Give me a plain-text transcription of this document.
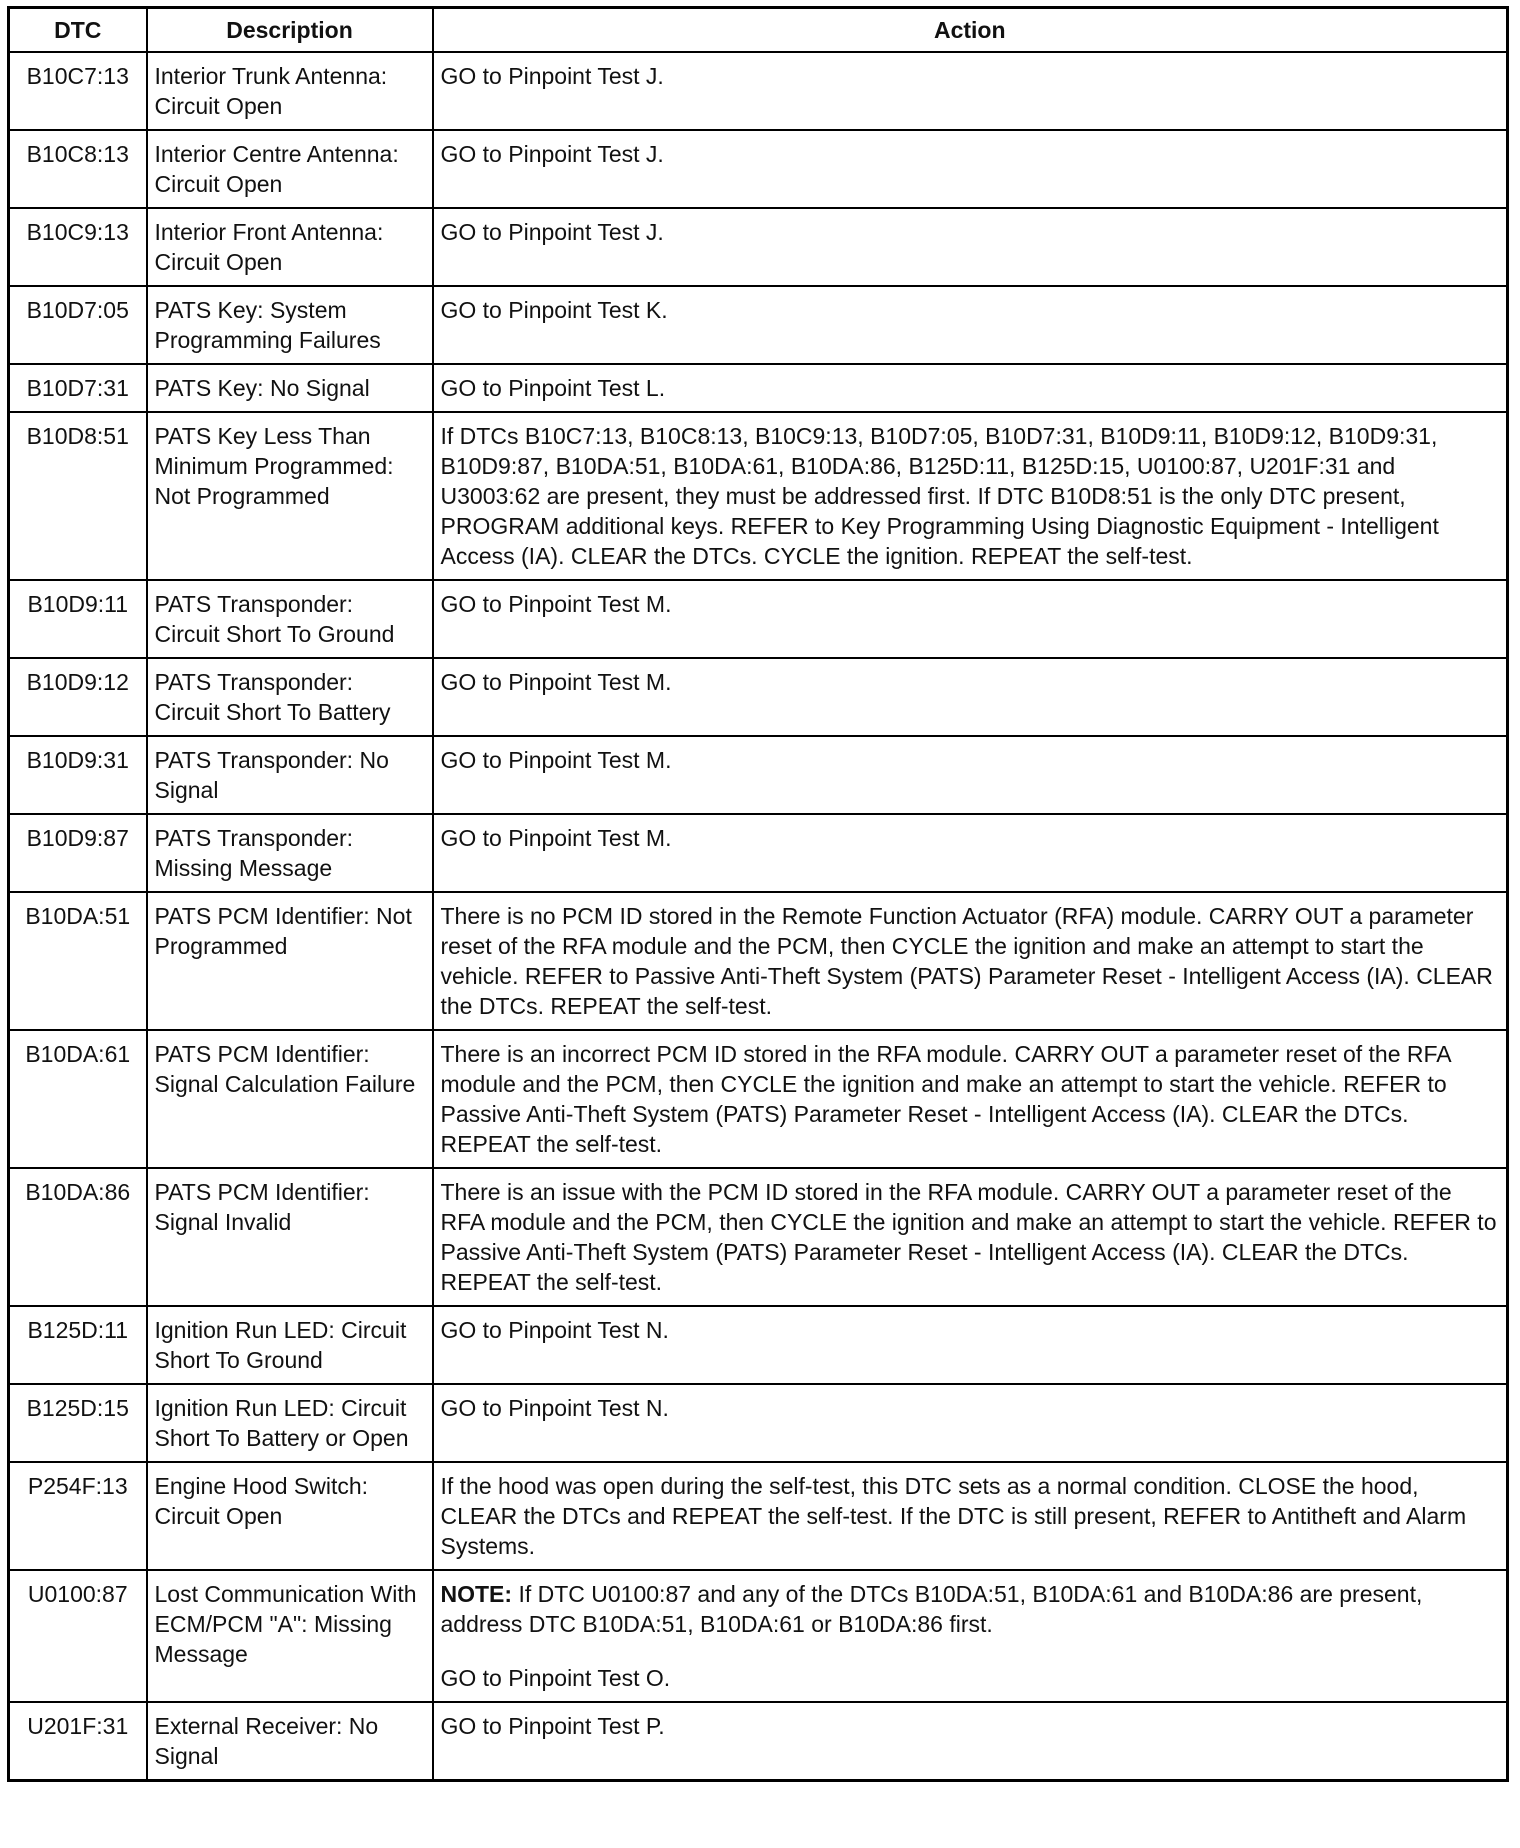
DTC	Description	Action
B10C7:13	Interior Trunk Antenna: Circuit Open	GO to Pinpoint Test J.
B10C8:13	Interior Centre Antenna: Circuit Open	GO to Pinpoint Test J.
B10C9:13	Interior Front Antenna: Circuit Open	GO to Pinpoint Test J.
B10D7:05	PATS Key: System Programming Failures	GO to Pinpoint Test K.
B10D7:31	PATS Key: No Signal	GO to Pinpoint Test L.
B10D8:51	PATS Key Less Than Minimum Programmed: Not Programmed	If DTCs B10C7:13, B10C8:13, B10C9:13, B10D7:05, B10D7:31, B10D9:11, B10D9:12, B10D9:31, B10D9:87, B10DA:51, B10DA:61, B10DA:86, B125D:11, B125D:15, U0100:87, U201F:31 and U3003:62 are present, they must be addressed first. If DTC B10D8:51 is the only DTC present, PROGRAM additional keys. REFER to Key Programming Using Diagnostic Equipment - Intelligent Access (IA). CLEAR the DTCs. CYCLE the ignition. REPEAT the self-test.
B10D9:11	PATS Transponder: Circuit Short To Ground	GO to Pinpoint Test M.
B10D9:12	PATS Transponder: Circuit Short To Battery	GO to Pinpoint Test M.
B10D9:31	PATS Transponder: No Signal	GO to Pinpoint Test M.
B10D9:87	PATS Transponder: Missing Message	GO to Pinpoint Test M.
B10DA:51	PATS PCM Identifier: Not Programmed	There is no PCM ID stored in the Remote Function Actuator (RFA) module. CARRY OUT a parameter reset of the RFA module and the PCM, then CYCLE the ignition and make an attempt to start the vehicle. REFER to Passive Anti-Theft System (PATS) Parameter Reset - Intelligent Access (IA). CLEAR the DTCs. REPEAT the self-test.
B10DA:61	PATS PCM Identifier: Signal Calculation Failure	There is an incorrect PCM ID stored in the RFA module. CARRY OUT a parameter reset of the RFA module and the PCM, then CYCLE the ignition and make an attempt to start the vehicle. REFER to Passive Anti-Theft System (PATS) Parameter Reset - Intelligent Access (IA). CLEAR the DTCs. REPEAT the self-test.
B10DA:86	PATS PCM Identifier: Signal Invalid	There is an issue with the PCM ID stored in the RFA module. CARRY OUT a parameter reset of the RFA module and the PCM, then CYCLE the ignition and make an attempt to start the vehicle. REFER to Passive Anti-Theft System (PATS) Parameter Reset - Intelligent Access (IA). CLEAR the DTCs. REPEAT the self-test.
B125D:11	Ignition Run LED: Circuit Short To Ground	GO to Pinpoint Test N.
B125D:15	Ignition Run LED: Circuit Short To Battery or Open	GO to Pinpoint Test N.
P254F:13	Engine Hood Switch: Circuit Open	If the hood was open during the self-test, this DTC sets as a normal condition. CLOSE the hood, CLEAR the DTCs and REPEAT the self-test. If the DTC is still present, REFER to Antitheft and Alarm Systems.
U0100:87	Lost Communication With ECM/PCM "A": Missing Message	NOTE: If DTC U0100:87 and any of the DTCs B10DA:51, B10DA:61 and B10DA:86 are present, address DTC B10DA:51, B10DA:61 or B10DA:86 first.
GO to Pinpoint Test O.

U201F:31	External Receiver: No Signal	GO to Pinpoint Test P.
